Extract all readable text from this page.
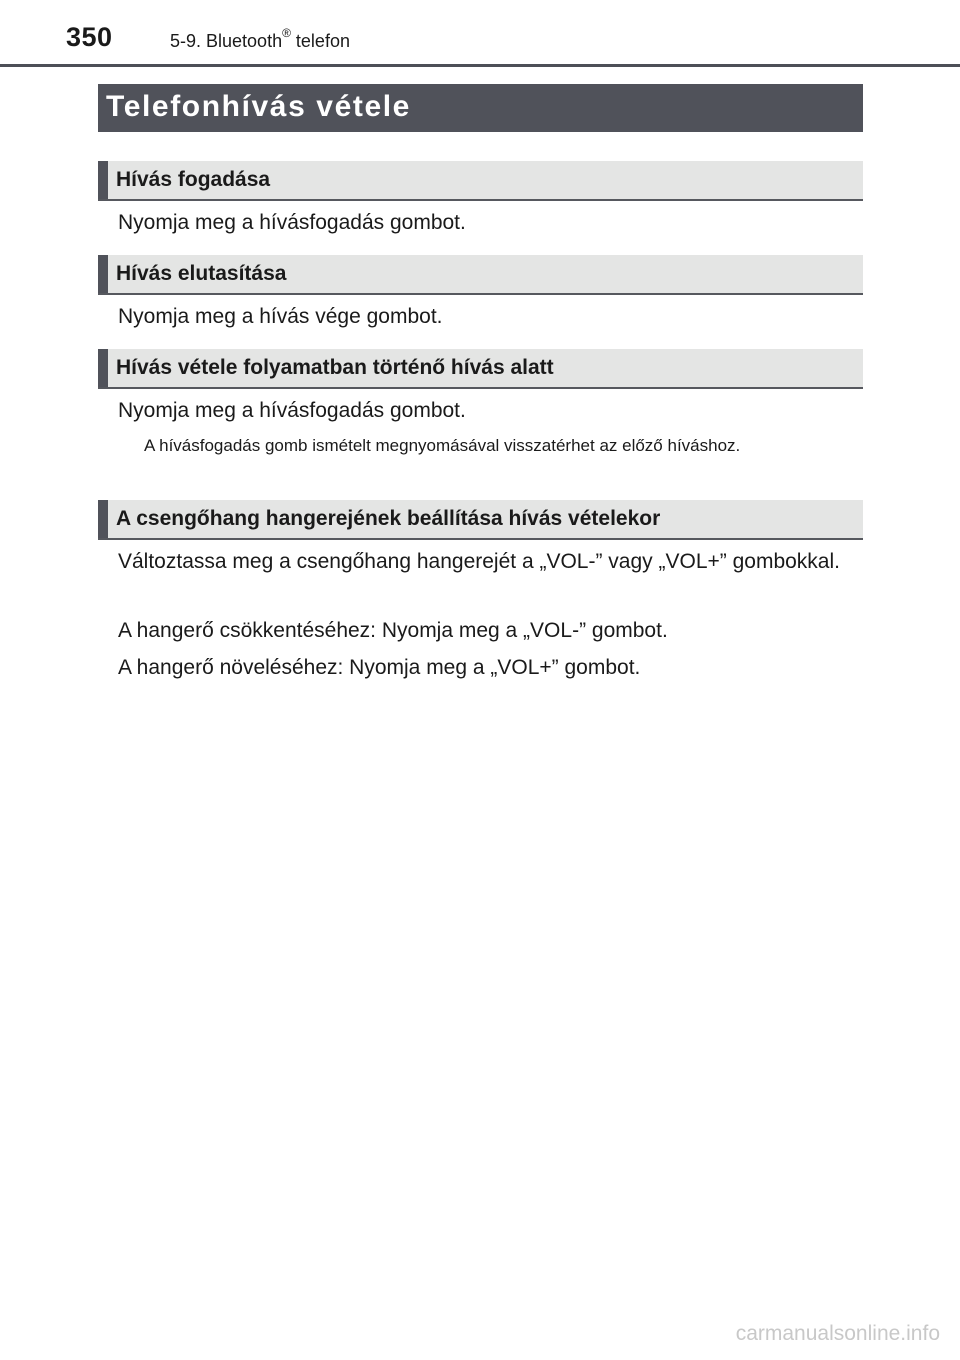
350	5-9. Bluetooth® telefon
Telefonhívás vétele
Hívás fogadása
Nyomja meg a hívásfogadás gombot.
Hívás elutasítása
Nyomja meg a hívás vége gombot.
Hívás vétele folyamatban történő hívás alatt
Nyomja meg a hívásfogadás gombot.
A hívásfogadás gomb ismételt megnyomásával visszatérhet az előző híváshoz.
A csengőhang hangerejének beállítása hívás vételekor
Változtassa meg a csengőhang hangerejét a „VOL-” vagy „VOL+” gombokkal.
A hangerő csökkentéséhez: Nyomja meg a „VOL-” gombot.
A hangerő növeléséhez: Nyomja meg a „VOL+” gombot.
carmanualsonline.info
